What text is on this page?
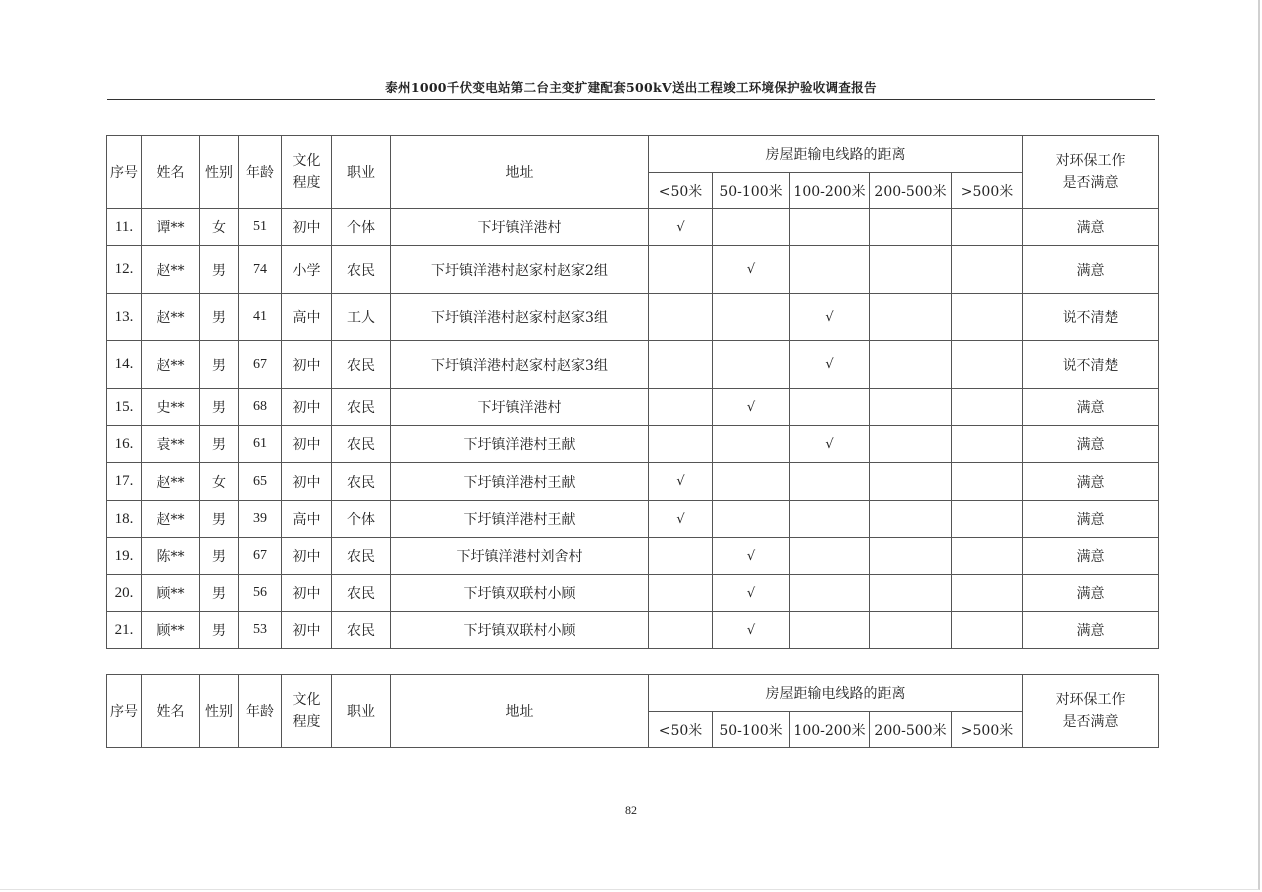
泰州1000千伏变电站第二台主变扩建配套500kV送出工程竣工环境保护验收调查报告
序号	姓名	性别	年龄	文化
程度	职业	地址	房屋距输电线路的距离					对环保工作
是否满意
							<50米	50-100米	100-200米	200-500米	>500米	
11.	谭**	女	51	初中	个体	下圩镇洋港村	√					满意
12.	赵**	男	74	小学	农民	下圩镇洋港村赵家村赵家2组		√				满意
13.	赵**	男	41	高中	工人	下圩镇洋港村赵家村赵家3组			√			说不清楚
14.	赵**	男	67	初中	农民	下圩镇洋港村赵家村赵家3组			√			说不清楚
15.	史**	男	68	初中	农民	下圩镇洋港村		√				满意
16.	袁**	男	61	初中	农民	下圩镇洋港村王献			√			满意
17.	赵**	女	65	初中	农民	下圩镇洋港村王献	√					满意
18.	赵**	男	39	高中	个体	下圩镇洋港村王献	√					满意
19.	陈**	男	67	初中	农民	下圩镇洋港村刘舍村		√				满意
20.	顾**	男	56	初中	农民	下圩镇双联村小顾		√				满意
21.	顾**	男	53	初中	农民	下圩镇双联村小顾		√				满意
序号	姓名	性别	年龄	文化
程度	职业	地址	房屋距输电线路的距离					对环保工作
是否满意
							<50米	50-100米	100-200米	200-500米	>500米	
82
